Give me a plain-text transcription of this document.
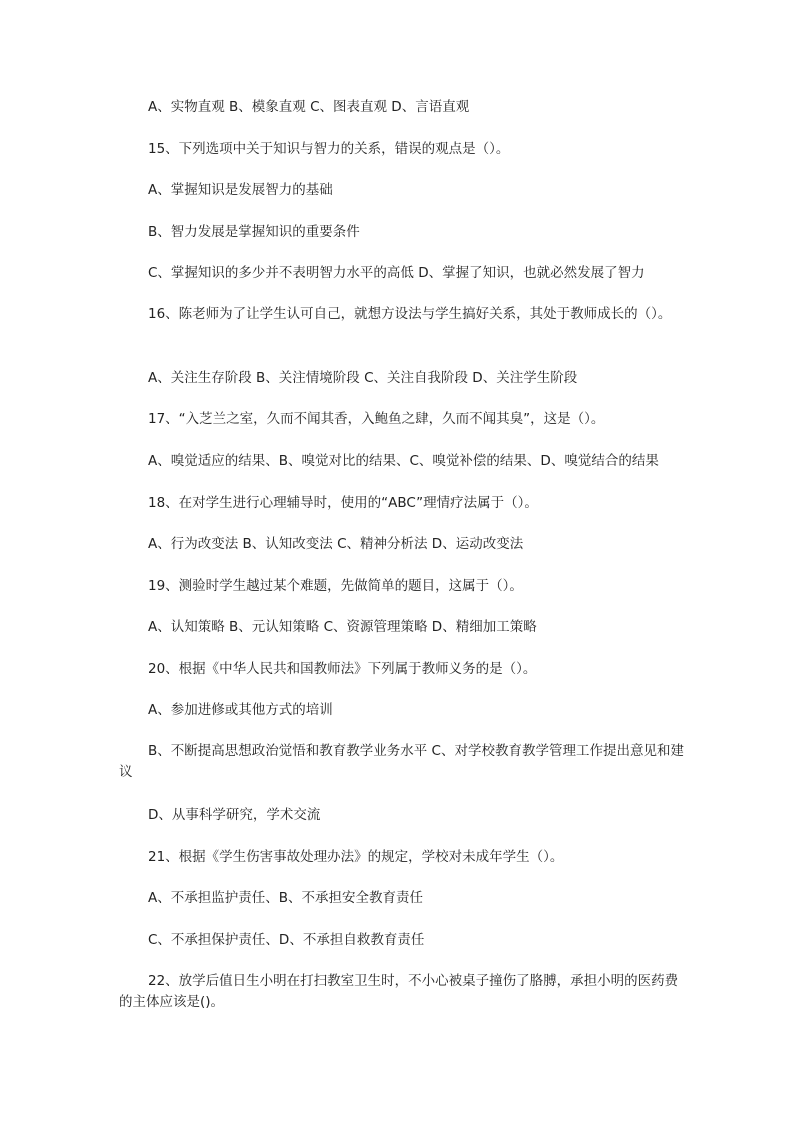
A、实物直观 B、模象直观 C、图表直观 D、言语直观

15、下列选项中关于知识与智力的关系，错误的观点是（）。

A、掌握知识是发展智力的基础

B、智力发展是掌握知识的重要条件

C、掌握知识的多少并不表明智力水平的高低 D、掌握了知识，也就必然发展了智力

16、陈老师为了让学生认可自己，就想方设法与学生搞好关系，其处于教师成长的（）。

A、关注生存阶段 B、关注情境阶段 C、关注自我阶段 D、关注学生阶段

17、“入芝兰之室，久而不闻其香，入鲍鱼之肆，久而不闻其臭”，这是（）。

A、嗅觉适应的结果、B、嗅觉对比的结果、C、嗅觉补偿的结果、D、嗅觉结合的结果

18、在对学生进行心理辅导时，使用的“ABC”理情疗法属于（）。

A、行为改变法 B、认知改变法 C、精神分析法 D、运动改变法

19、测验时学生越过某个难题，先做简单的题目，这属于（）。

A、认知策略 B、元认知策略 C、资源管理策略 D、精细加工策略

20、根据《中华人民共和国教师法》下列属于教师义务的是（）。

A、参加进修或其他方式的培训

B、不断提高思想政治觉悟和教育教学业务水平 C、对学校教育教学管理工作提出意见和建议

D、从事科学研究，学术交流

21、根据《学生伤害事故处理办法》的规定，学校对未成年学生（）。

A、不承担监护责任、B、不承担安全教育责任

C、不承担保护责任、D、不承担自救教育责任

22、放学后值日生小明在打扫教室卫生时，不小心被桌子撞伤了胳膊，承担小明的医药费的主体应该是()。
